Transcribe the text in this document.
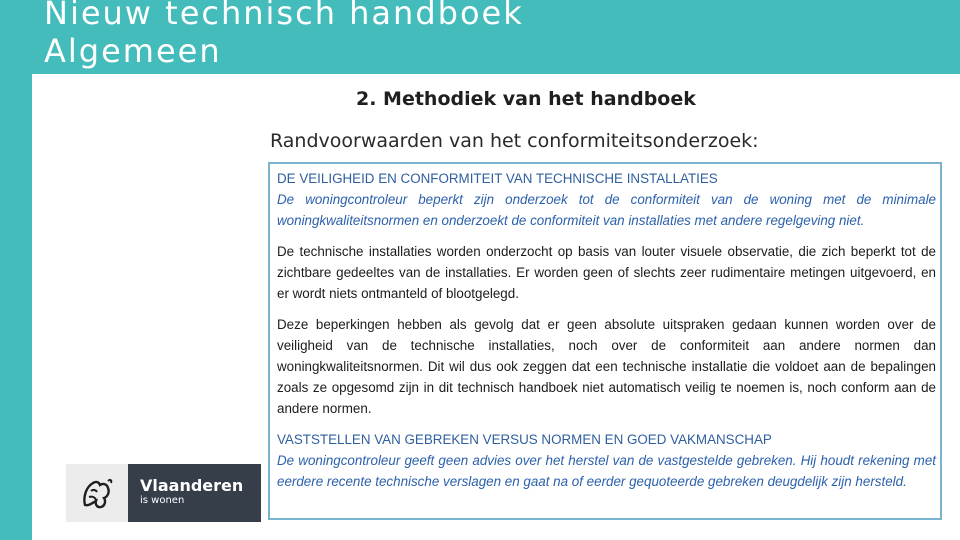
Nieuw technisch handboek
Algemeen
2. Methodiek van het handboek
Randvoorwaarden van het conformiteitsonderzoek:
DE VEILIGHEID EN CONFORMITEIT VAN TECHNISCHE INSTALLATIES

De woningcontroleur beperkt zijn onderzoek tot de conformiteit van de woning met de minimale woningkwaliteitsnormen en onderzoekt de conformiteit van installaties met andere regelgeving niet.

De technische installaties worden onderzocht op basis van louter visuele observatie, die zich beperkt tot de zichtbare gedeeltes van de installaties. Er worden geen of slechts zeer rudimentaire metingen uitgevoerd, en er wordt niets ontmanteld of blootgelegd.

Deze beperkingen hebben als gevolg dat er geen absolute uitspraken gedaan kunnen worden over de veiligheid van de technische installaties, noch over de conformiteit aan andere normen dan woningkwaliteitsnormen. Dit wil dus ook zeggen dat een technische installatie die voldoet aan de bepalingen zoals ze opgesomd zijn in dit technisch handboek niet automatisch veilig te noemen is, noch conform aan de andere normen.

VASTSTELLEN VAN GEBREKEN VERSUS NORMEN EN GOED VAKMANSCHAP

De woningcontroleur geeft geen advies over het herstel van de vastgestelde gebreken. Hij houdt rekening met eerdere recente technische verslagen en gaat na of eerder gequoteerde gebreken deugdelijk zijn hersteld.

Vlaanderen
is wonen
